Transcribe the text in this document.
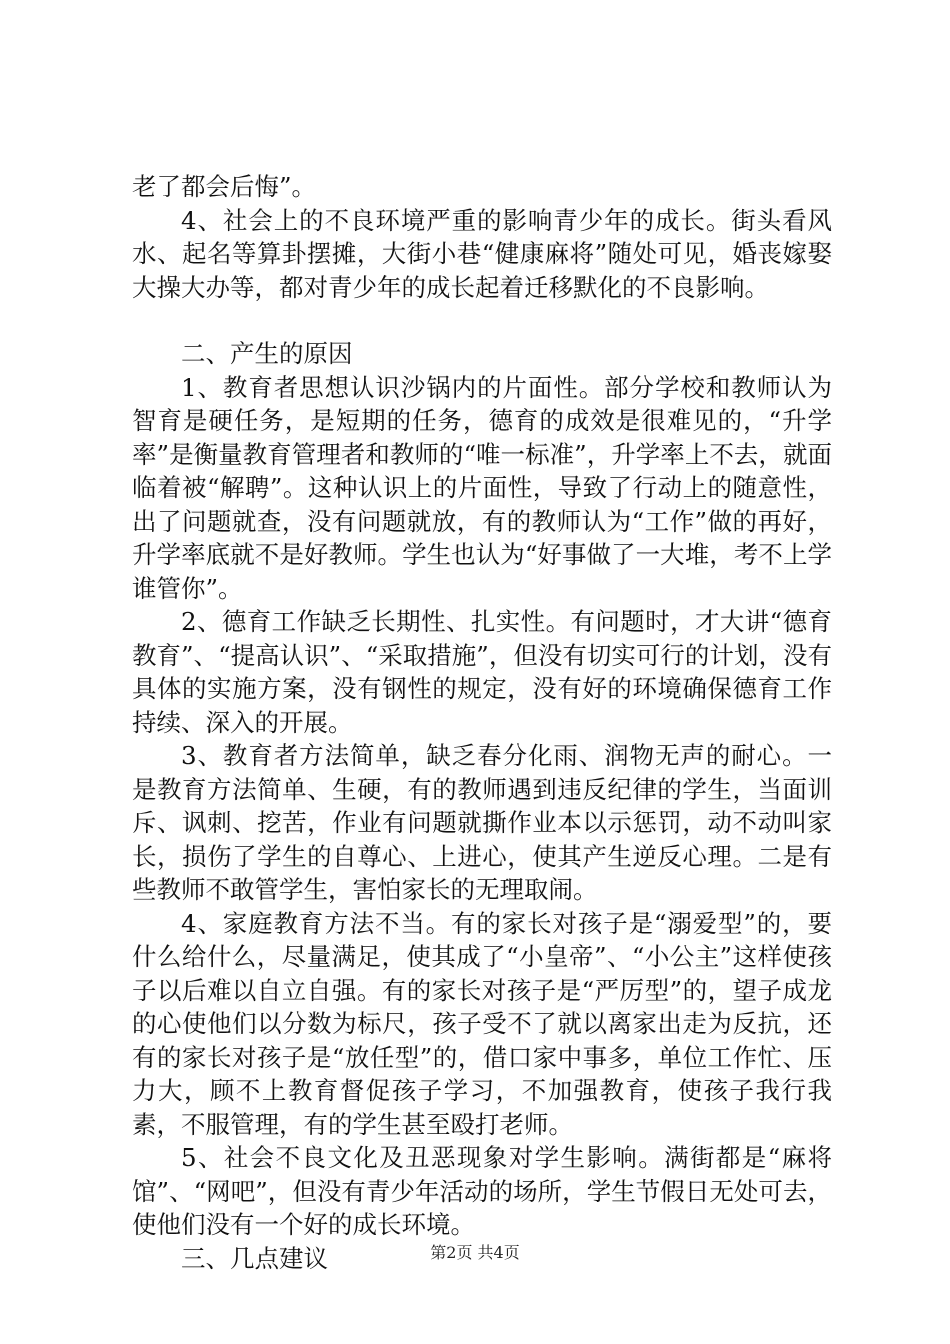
老了都会后悔”。

4、社会上的不良环境严重的影响青少年的成长。街头看风水、起名等算卦摆摊，大街小巷“健康麻将”随处可见，婚丧嫁娶大操大办等，都对青少年的成长起着迁移默化的不良影响。

二、产生的原因

1、教育者思想认识沙锅内的片面性。部分学校和教师认为智育是硬任务，是短期的任务，德育的成效是很难见的，“升学率”是衡量教育管理者和教师的“唯一标准”，升学率上不去，就面临着被“解聘”。这种认识上的片面性，导致了行动上的随意性，出了问题就查，没有问题就放，有的教师认为“工作”做的再好，升学率底就不是好教师。学生也认为“好事做了一大堆，考不上学谁管你”。

2、德育工作缺乏长期性、扎实性。有问题时，才大讲“德育教育”、“提高认识”、“采取措施”，但没有切实可行的计划，没有具体的实施方案，没有钢性的规定，没有好的环境确保德育工作持续、深入的开展。

3、教育者方法简单，缺乏春分化雨、润物无声的耐心。一是教育方法简单、生硬，有的教师遇到违反纪律的学生，当面训斥、讽刺、挖苦，作业有问题就撕作业本以示惩罚，动不动叫家长，损伤了学生的自尊心、上进心，使其产生逆反心理。二是有些教师不敢管学生，害怕家长的无理取闹。

4、家庭教育方法不当。有的家长对孩子是“溺爱型”的，要什么给什么，尽量满足，使其成了“小皇帝”、“小公主”这样使孩子以后难以自立自强。有的家长对孩子是“严厉型”的，望子成龙的心使他们以分数为标尺，孩子受不了就以离家出走为反抗，还有的家长对孩子是“放任型”的，借口家中事多，单位工作忙、压力大，顾不上教育督促孩子学习，不加强教育，使孩子我行我素，不服管理，有的学生甚至殴打老师。

5、社会不良文化及丑恶现象对学生影响。满街都是“麻将馆”、“网吧”，但没有青少年活动的场所，学生节假日无处可去，使他们没有一个好的成长环境。

三、几点建议	第2页 共4页
